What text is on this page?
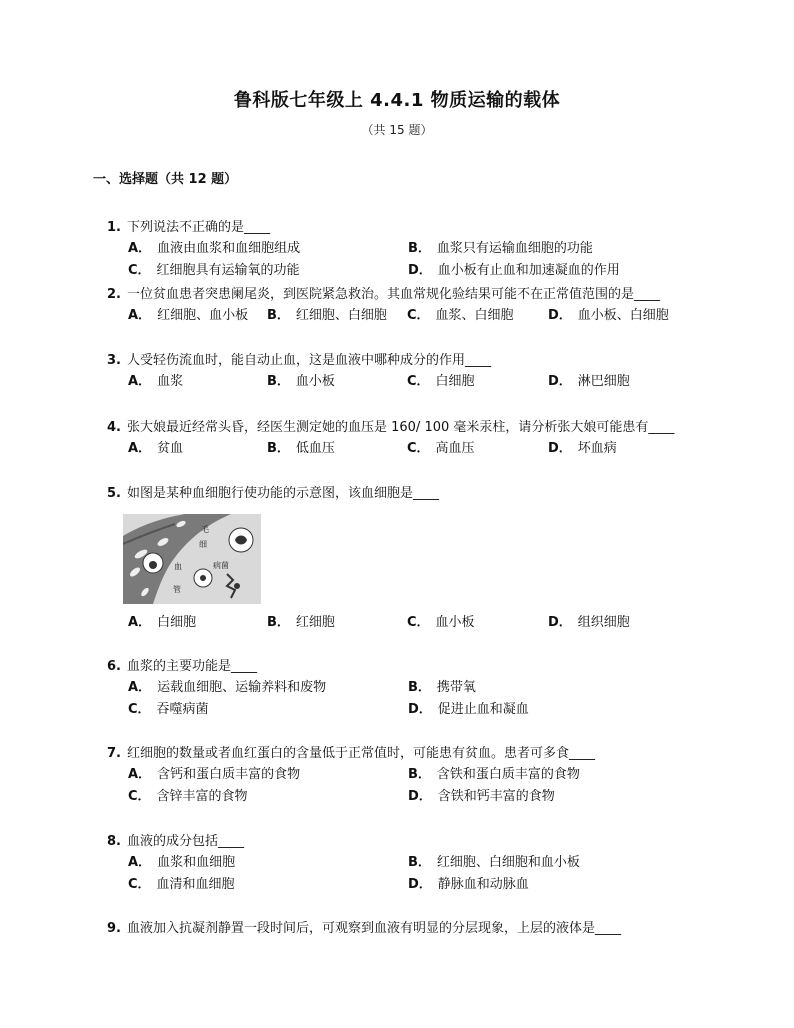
鲁科版七年级上 4.4.1 物质运输的载体
（共 15 题）
一、选择题（共 12 题）
1. 下列说法不正确的是____
A． 血液由血浆和血细胞组成	B． 血浆只有运输血细胞的功能
C． 红细胞具有运输氧的功能	D． 血小板有止血和加速凝血的作用
2. 一位贫血患者突患阑尾炎，到医院紧急救治。其血常规化验结果可能不在正常值范围的是____
A． 红细胞、血小板 B． 红细胞、白细胞 C． 血浆、白细胞	D． 血小板、白细胞
3. 人受轻伤流血时，能自动止血，这是血液中哪种成分的作用____
A． 血浆	B． 血小板	C． 白细胞	D． 淋巴细胞
4. 张大娘最近经常头昏，经医生测定她的血压是 160/ 100 毫米汞柱，请分析张大娘可能患有____
A． 贫血	B． 低血压	C． 高血压	D． 坏血病
5. 如图是某种血细胞行使功能的示意图，该血细胞是____
毛
细
血
管
病菌
A． 白细胞	B． 红细胞	C． 血小板	D． 组织细胞
6. 血浆的主要功能是____
A． 运载血细胞、运输养料和废物	B． 携带氧
C． 吞噬病菌	D． 促进止血和凝血
7. 红细胞的数量或者血红蛋白的含量低于正常值时，可能患有贫血。患者可多食____
A． 含钙和蛋白质丰富的食物	B． 含铁和蛋白质丰富的食物
C． 含锌丰富的食物	D． 含铁和钙丰富的食物
8. 血液的成分包括____
A． 血浆和血细胞	B． 红细胞、白细胞和血小板
C． 血清和血细胞	D． 静脉血和动脉血
9. 血液加入抗凝剂静置一段时间后，可观察到血液有明显的分层现象，上层的液体是____
